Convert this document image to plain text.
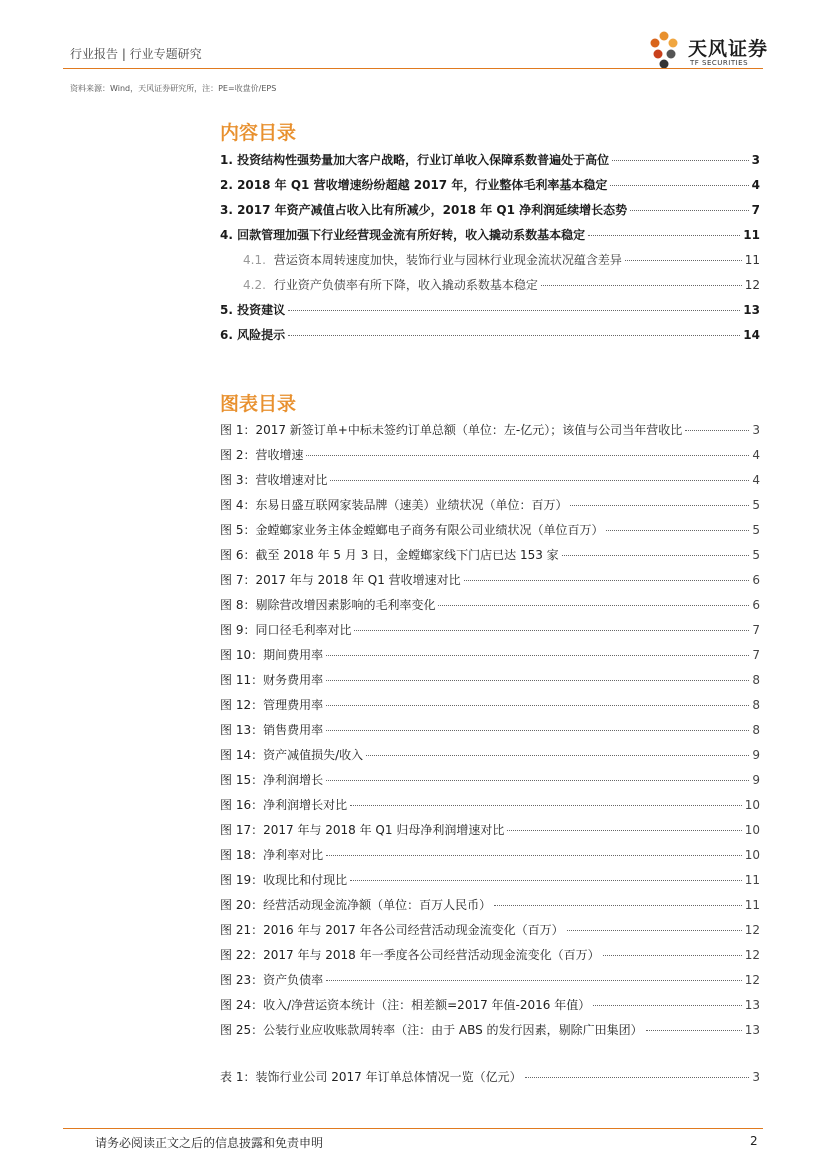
行业报告 | 行业专题研究	天风证券
TF SECURITIES
资料来源：Wind，天风证券研究所，注：PE=收盘价/EPS
内容目录
1. 投资结构性强势量加大客户战略，行业订单收入保障系数普遍处于高位	3
2. 2018 年 Q1 营收增速纷纷超越 2017 年，行业整体毛利率基本稳定	4
3. 2017 年资产减值占收入比有所减少，2018 年 Q1 净利润延续增长态势	7
4. 回款管理加强下行业经营现金流有所好转，收入撬动系数基本稳定	11
4.1. 营运资本周转速度加快，装饰行业与园林行业现金流状况蕴含差异	11
4.2. 行业资产负债率有所下降，收入撬动系数基本稳定	12
5. 投资建议	13
6. 风险提示	14
图表目录
图 1：2017 新签订单+中标未签约订单总额（单位：左-亿元）；该值与公司当年营收比	3
图 2：营收增速	4
图 3：营收增速对比	4
图 4：东易日盛互联网家装品牌（速美）业绩状况（单位：百万）	5
图 5：金螳螂家业务主体金螳螂电子商务有限公司业绩状况（单位百万）	5
图 6：截至 2018 年 5 月 3 日，金螳螂家线下门店已达 153 家	5
图 7：2017 年与 2018 年 Q1 营收增速对比	6
图 8：剔除营改增因素影响的毛利率变化	6
图 9：同口径毛利率对比	7
图 10：期间费用率	7
图 11：财务费用率	8
图 12：管理费用率	8
图 13：销售费用率	8
图 14：资产减值损失/收入	9
图 15：净利润增长	9
图 16：净利润增长对比	10
图 17：2017 年与 2018 年 Q1 归母净利润增速对比	10
图 18：净利率对比	10
图 19：收现比和付现比	11
图 20：经营活动现金流净额（单位：百万人民币）	11
图 21：2016 年与 2017 年各公司经营活动现金流变化（百万）	12
图 22：2017 年与 2018 年一季度各公司经营活动现金流变化（百万）	12
图 23：资产负债率	12
图 24：收入/净营运资本统计（注：相差额=2017 年值-2016 年值）	13
图 25：公装行业应收账款周转率（注：由于 ABS 的发行因素，剔除广田集团）	13
表 1：装饰行业公司 2017 年订单总体情况一览（亿元）	3
请务必阅读正文之后的信息披露和免责申明	2
